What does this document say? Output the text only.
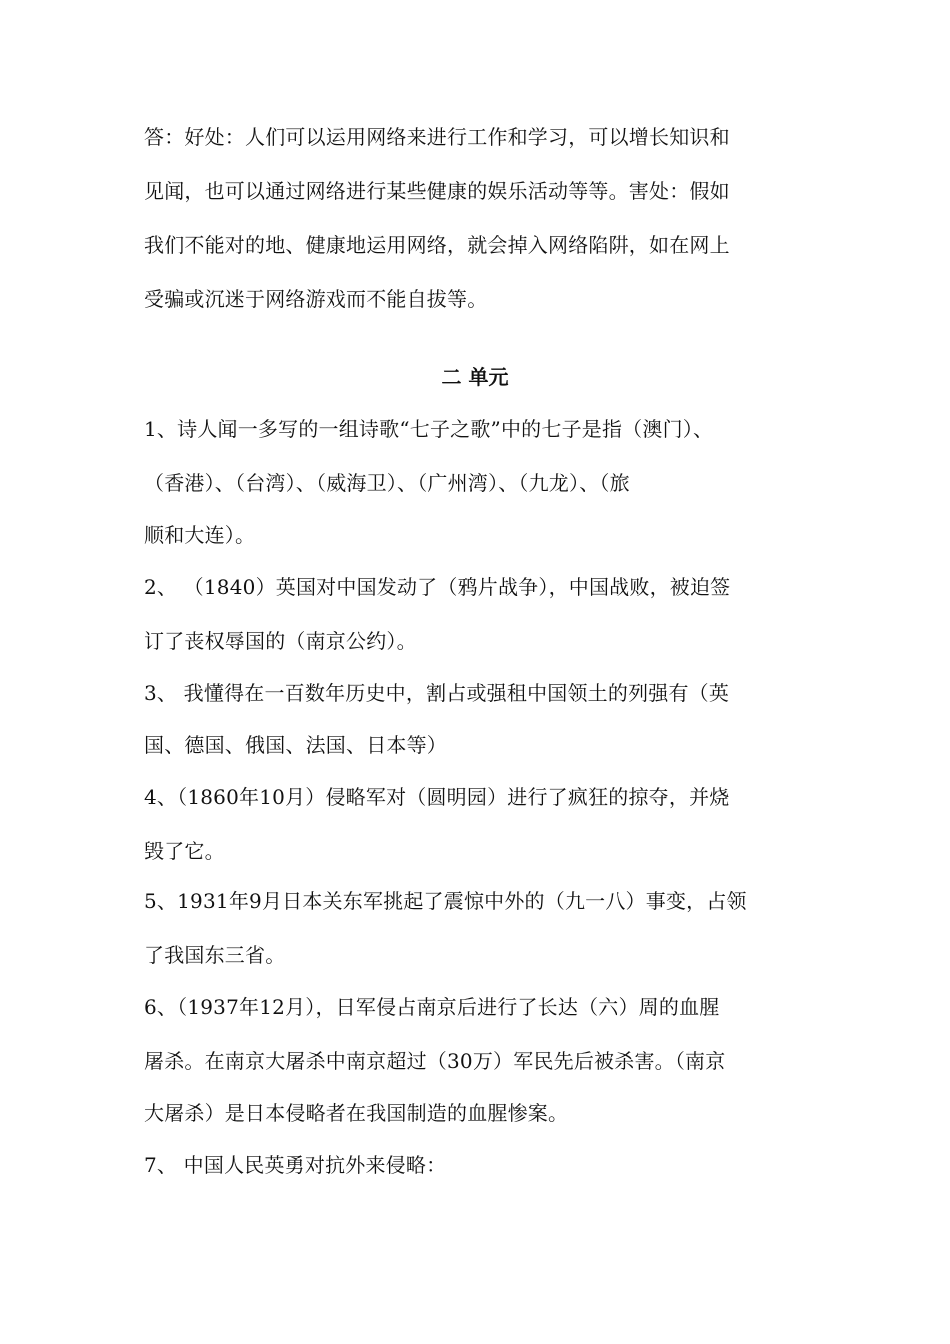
答：好处：人们可以运用网络来进行工作和学习，可以增长知识和
见闻，也可以通过网络进行某些健康的娱乐活动等等。害处：假如
我们不能对的地、健康地运用网络，就会掉入网络陷阱，如在网上
受骗或沉迷于网络游戏而不能自拔等。
二 单元
1、诗人闻一多写的一组诗歌“七子之歌”中的七子是指（澳门）、
（香港）、（台湾）、（威海卫）、（广州湾）、（九龙）、（旅
顺和大连）。
2、 （1840）英国对中国发动了（鸦片战争），中国战败，被迫签
订了丧权辱国的（南京公约）。
3、 我懂得在一百数年历史中，割占或强租中国领土的列强有（英
国、德国、俄国、法国、日本等）
4、（1860年10月）侵略军对（圆明园）进行了疯狂的掠夺，并烧
毁了它。
5、1931年9月日本关东军挑起了震惊中外的（九一八）事变，占领
了我国东三省。
6、（1937年12月），日军侵占南京后进行了长达（六）周的血腥
屠杀。在南京大屠杀中南京超过（30万）军民先后被杀害。（南京
大屠杀）是日本侵略者在我国制造的血腥惨案。
7、 中国人民英勇对抗外来侵略：
